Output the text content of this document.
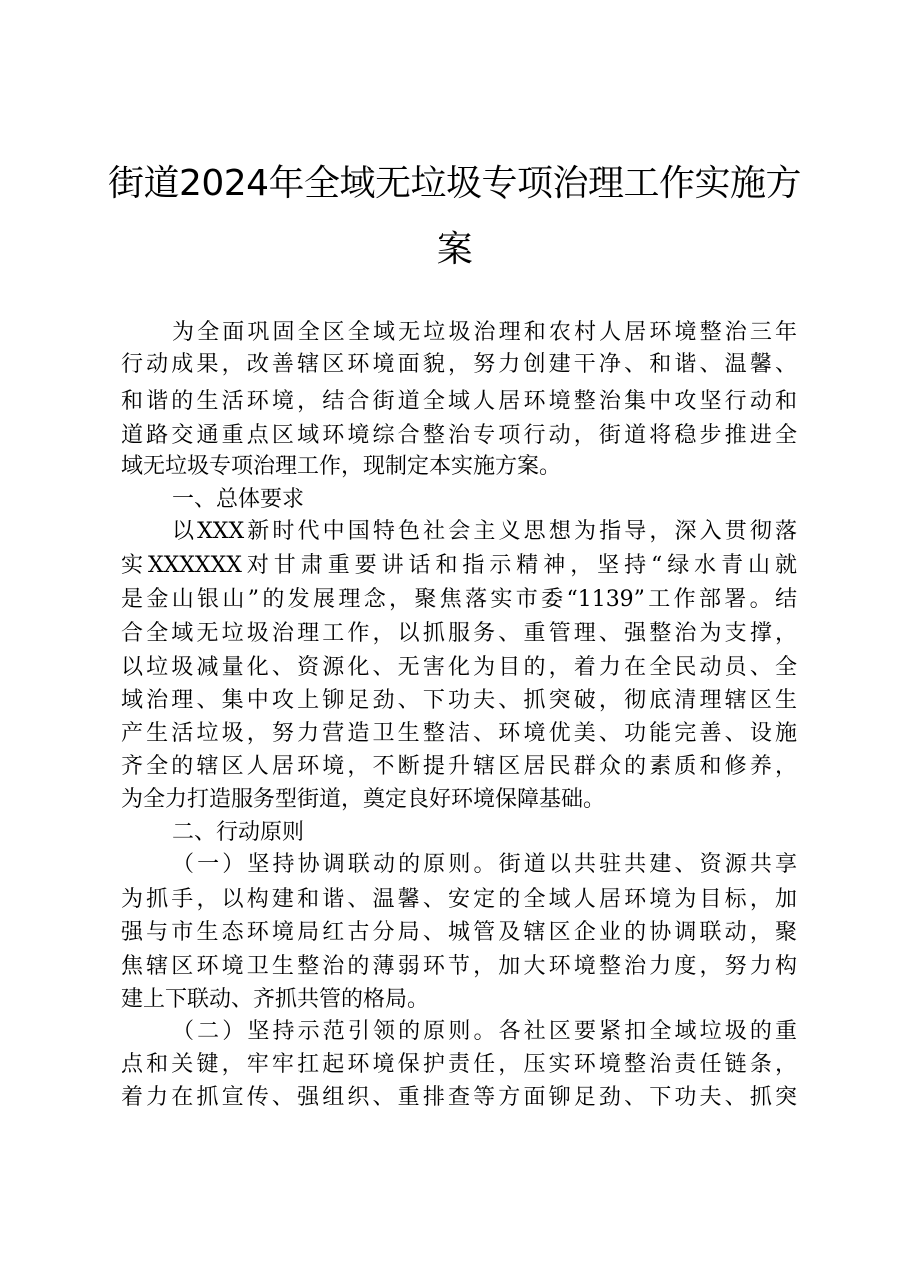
街道2024年全域无垃圾专项治理工作实施方
案
为全面巩固全区全域无垃圾治理和农村人居环境整治三年
行动成果，改善辖区环境面貌，努力创建干净、和谐、温馨、
和谐的生活环境，结合街道全域人居环境整治集中攻坚行动和
道路交通重点区域环境综合整治专项行动，街道将稳步推进全
域无垃圾专项治理工作，现制定本实施方案。
一、总体要求
以XXX新时代中国特色社会主义思想为指导，深入贯彻落
实XXXXXX对甘肃重要讲话和指示精神，坚持“绿水青山就
是金山银山”的发展理念，聚焦落实市委“1139”工作部署。结
合全域无垃圾治理工作，以抓服务、重管理、强整治为支撑，
以垃圾减量化、资源化、无害化为目的，着力在全民动员、全
域治理、集中攻上铆足劲、下功夫、抓突破，彻底清理辖区生
产生活垃圾，努力营造卫生整洁、环境优美、功能完善、设施
齐全的辖区人居环境，不断提升辖区居民群众的素质和修养，
为全力打造服务型街道，奠定良好环境保障基础。
二、行动原则
（一）坚持协调联动的原则。街道以共驻共建、资源共享
为抓手，以构建和谐、温馨、安定的全域人居环境为目标，加
强与市生态环境局红古分局、城管及辖区企业的协调联动，聚
焦辖区环境卫生整治的薄弱环节，加大环境整治力度，努力构
建上下联动、齐抓共管的格局。
（二）坚持示范引领的原则。各社区要紧扣全域垃圾的重
点和关键，牢牢扛起环境保护责任，压实环境整治责任链条，
着力在抓宣传、强组织、重排查等方面铆足劲、下功夫、抓突
